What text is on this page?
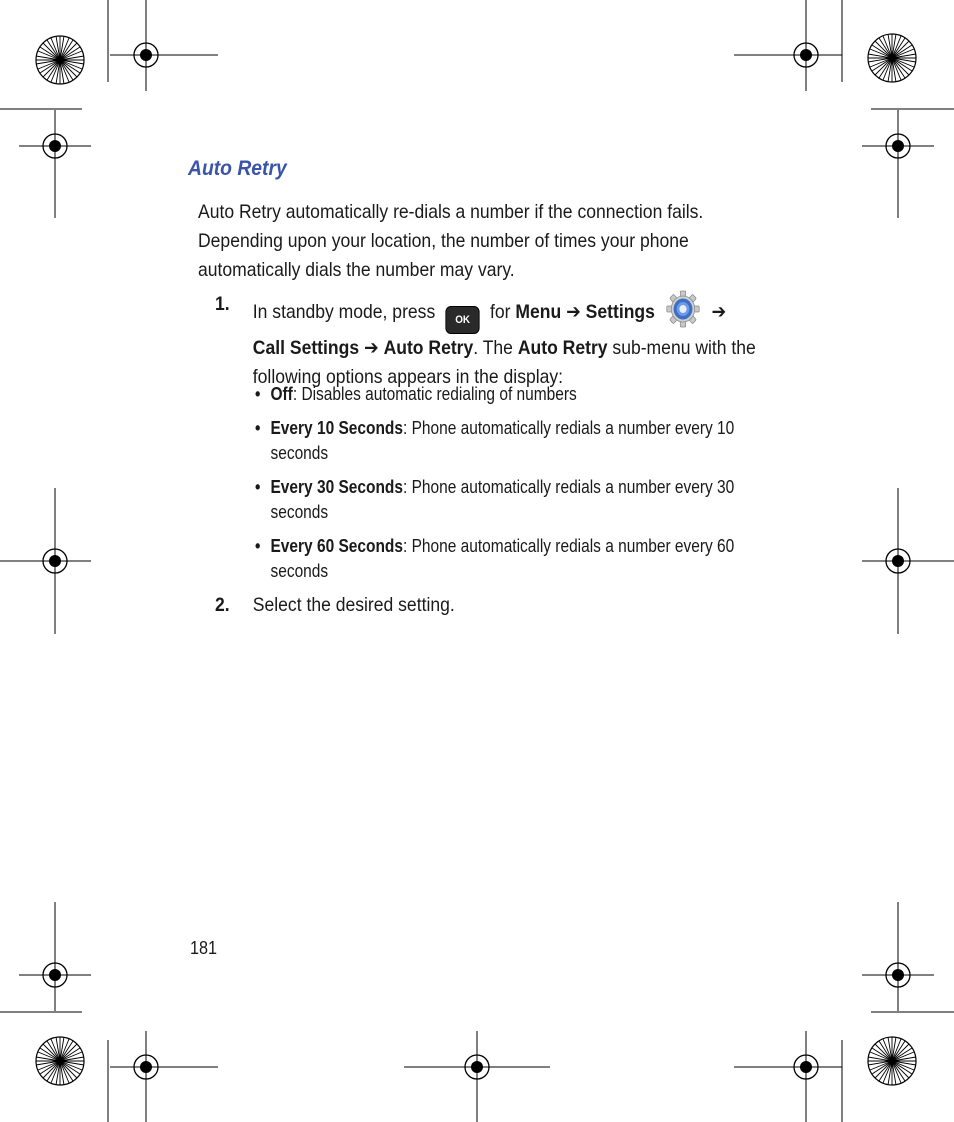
Auto Retry

Auto Retry automatically re-dials a number if the connection fails. Depending upon your location, the number of times your phone automatically dials the number may vary.

1. In standby mode, press OK for Menu ➔ Settings	➔
Call Settings ➔ Auto Retry. The Auto Retry sub-menu with the following options appears in the display:
• Off: Disables automatic redialing of numbers
• Every 10 Seconds: Phone automatically redials a number every 10 seconds
• Every 30 Seconds: Phone automatically redials a number every 30 seconds
• Every 60 Seconds: Phone automatically redials a number every 60 seconds
2. Select the desired setting.
181
